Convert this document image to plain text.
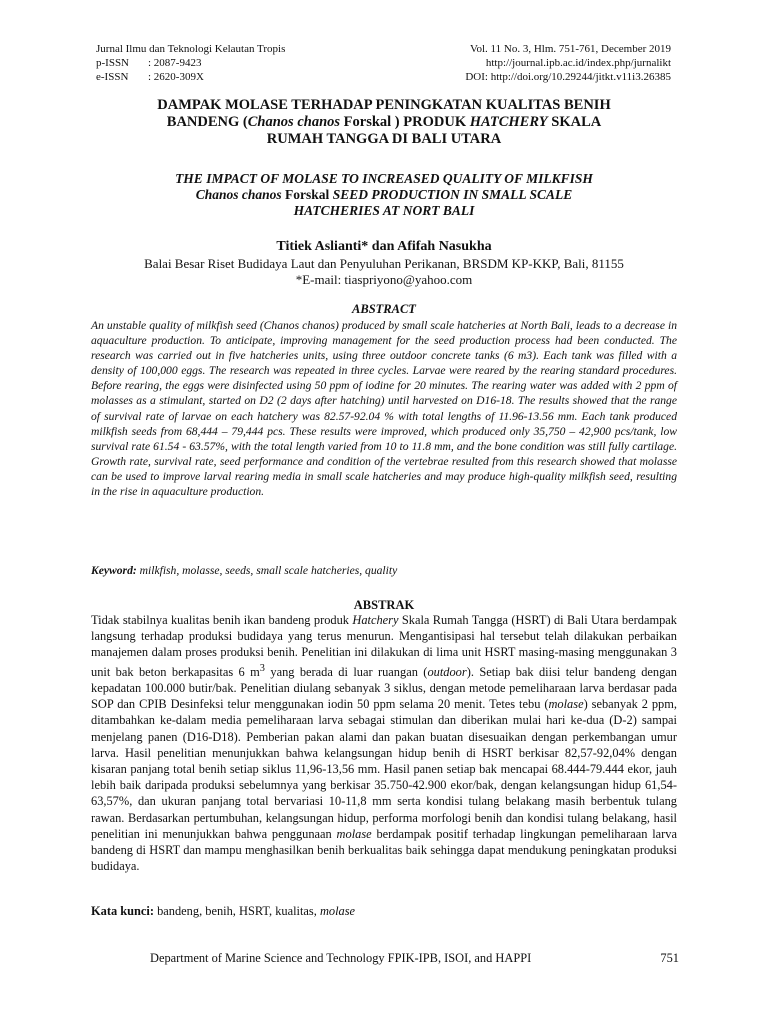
Jurnal Ilmu dan Teknologi Kelautan Tropis
p-ISSN : 2087-9423
e-ISSN : 2620-309X
Vol. 11 No. 3, Hlm. 751-761, December 2019
http://journal.ipb.ac.id/index.php/jurnalikt
DOI: http://doi.org/10.29244/jitkt.v11i3.26385
DAMPAK MOLASE TERHADAP PENINGKATAN KUALITAS BENIH
BANDENG (Chanos chanos Forskal ) PRODUK HATCHERY SKALA
RUMAH TANGGA DI BALI UTARA
THE IMPACT OF MOLASE TO INCREASED QUALITY OF MILKFISH
Chanos chanos Forskal SEED PRODUCTION IN SMALL SCALE
HATCHERIES AT NORT BALI
Titiek Aslianti* dan Afifah Nasukha
Balai Besar Riset Budidaya Laut dan Penyuluhan Perikanan, BRSDM KP-KKP, Bali, 81155
*E-mail: tiaspriyono@yahoo.com
ABSTRACT
An unstable quality of milkfish seed (Chanos chanos) produced by small scale hatcheries at North Bali, leads to a decrease in aquaculture production. To anticipate, improving management for the seed production process had been conducted. The research was carried out in five hatcheries units, using three outdoor concrete tanks (6 m3). Each tank was filled with a density of 100,000 eggs. The research was repeated in three cycles. Larvae were reared by the rearing standard procedures. Before rearing, the eggs were disinfected using 50 ppm of iodine for 20 minutes. The rearing water was added with 2 ppm of molasses as a stimulant, started on D2 (2 days after hatching) until harvested on D16-18. The results showed that the range of survival rate of larvae on each hatchery was 82.57-92.04 % with total lengths of 11.96-13.56 mm. Each tank produced milkfish seeds from 68,444 – 79,444 pcs. These results were improved, which produced only 35,750 – 42,900 pcs/tank, low survival rate 61.54 - 63.57%, with the total length varied from 10 to 11.8 mm, and the bone condition was still fully cartilage. Growth rate, survival rate, seed performance and condition of the vertebrae resulted from this research showed that molasse can be used to improve larval rearing media in small scale hatcheries and may produce high-quality milkfish seed, resulting in the rise in aquaculture production.
Keyword: milkfish, molasse, seeds, small scale hatcheries, quality
ABSTRAK
Tidak stabilnya kualitas benih ikan bandeng produk Hatchery Skala Rumah Tangga (HSRT) di Bali Utara berdampak langsung terhadap produksi budidaya yang terus menurun. Mengantisipasi hal tersebut telah dilakukan perbaikan manajemen dalam proses produksi benih. Penelitian ini dilakukan di lima unit HSRT masing-masing menggunakan 3 unit bak beton berkapasitas 6 $m^3$ yang berada di luar ruangan (outdoor). Setiap bak diisi telur bandeng dengan kepadatan 100.000 butir/bak. Penelitian diulang sebanyak 3 siklus, dengan metode pemeliharaan larva berdasar pada SOP dan CPIB Desinfeksi telur menggunakan iodin 50 ppm selama 20 menit. Tetes tebu (molase) sebanyak 2 ppm, ditambahkan ke-dalam media pemeliharaan larva sebagai stimulan dan diberikan mulai hari ke-dua (D-2) sampai menjelang panen (D16-D18). Pemberian pakan alami dan pakan buatan disesuaikan dengan perkembangan umur larva. Hasil penelitian menunjukkan bahwa kelangsungan hidup benih di HSRT berkisar 82,57-92,04% dengan kisaran panjang total benih setiap siklus 11,96-13,56 mm. Hasil panen setiap bak mencapai 68.444-79.444 ekor, jauh lebih baik daripada produksi sebelumnya yang berkisar 35.750-42.900 ekor/bak, dengan kelangsungan hidup 61,54-63,57%, dan ukuran panjang total bervariasi 10-11,8 mm serta kondisi tulang belakang masih berbentuk tulang rawan. Berdasarkan pertumbuhan, kelangsungan hidup, performa morfologi benih dan kondisi tulang belakang, hasil penelitian ini menunjukkan bahwa penggunaan molase berdampak positif terhadap lingkungan pemeliharaan larva bandeng di HSRT dan mampu menghasilkan benih berkualitas baik sehingga dapat mendukung peningkatan produksi budidaya.
Kata kunci: bandeng, benih, HSRT, kualitas, molase
Department of Marine Science and Technology FPIK-IPB, ISOI, and HAPPI	751
